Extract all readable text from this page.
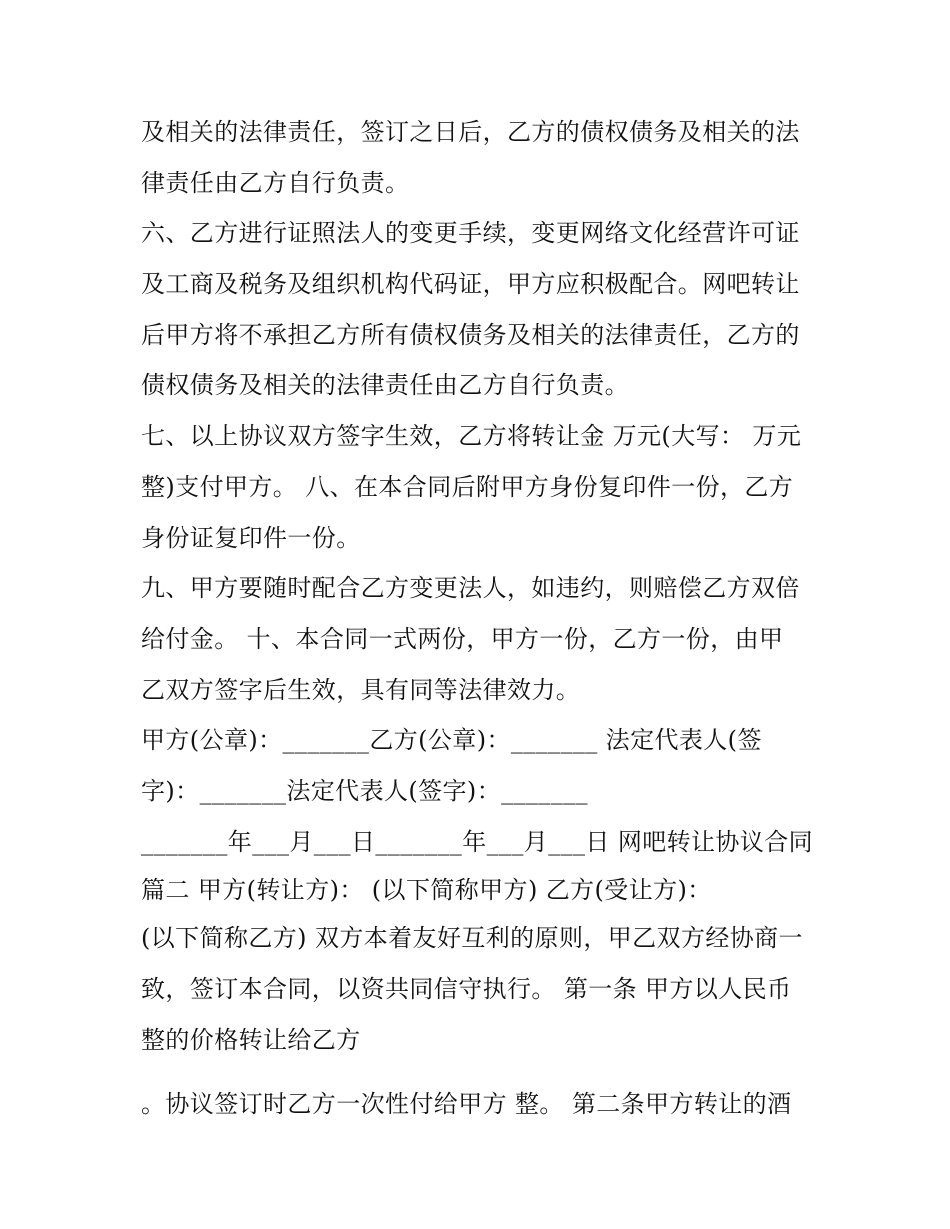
及相关的法律责任，签订之日后，乙方的债权债务及相关的法
律责任由乙方自行负责。
六、乙方进行证照法人的变更手续，变更网络文化经营许可证
及工商及税务及组织机构代码证，甲方应积极配合。网吧转让
后甲方将不承担乙方所有债权债务及相关的法律责任，乙方的
债权债务及相关的法律责任由乙方自行负责。
七、以上协议双方签字生效，乙方将转让金 万元(大写： 万元
整)支付甲方。 八、在本合同后附甲方身份复印件一份，乙方
身份证复印件一份。
九、甲方要随时配合乙方变更法人，如违约，则赔偿乙方双倍
给付金。 十、本合同一式两份，甲方一份，乙方一份，由甲
乙双方签字后生效，具有同等法律效力。
甲方(公章)：_______乙方(公章)：_______ 法定代表人(签
字)：_______法定代表人(签字)：_______
_______年___月___日_______年___月___日 网吧转让协议合同
篇二 甲方(转让方)： (以下简称甲方) 乙方(受让方)：
(以下简称乙方) 双方本着友好互利的原则，甲乙双方经协商一
致，签订本合同，以资共同信守执行。 第一条 甲方以人民币
整的价格转让给乙方
。协议签订时乙方一次性付给甲方 整。 第二条甲方转让的酒
